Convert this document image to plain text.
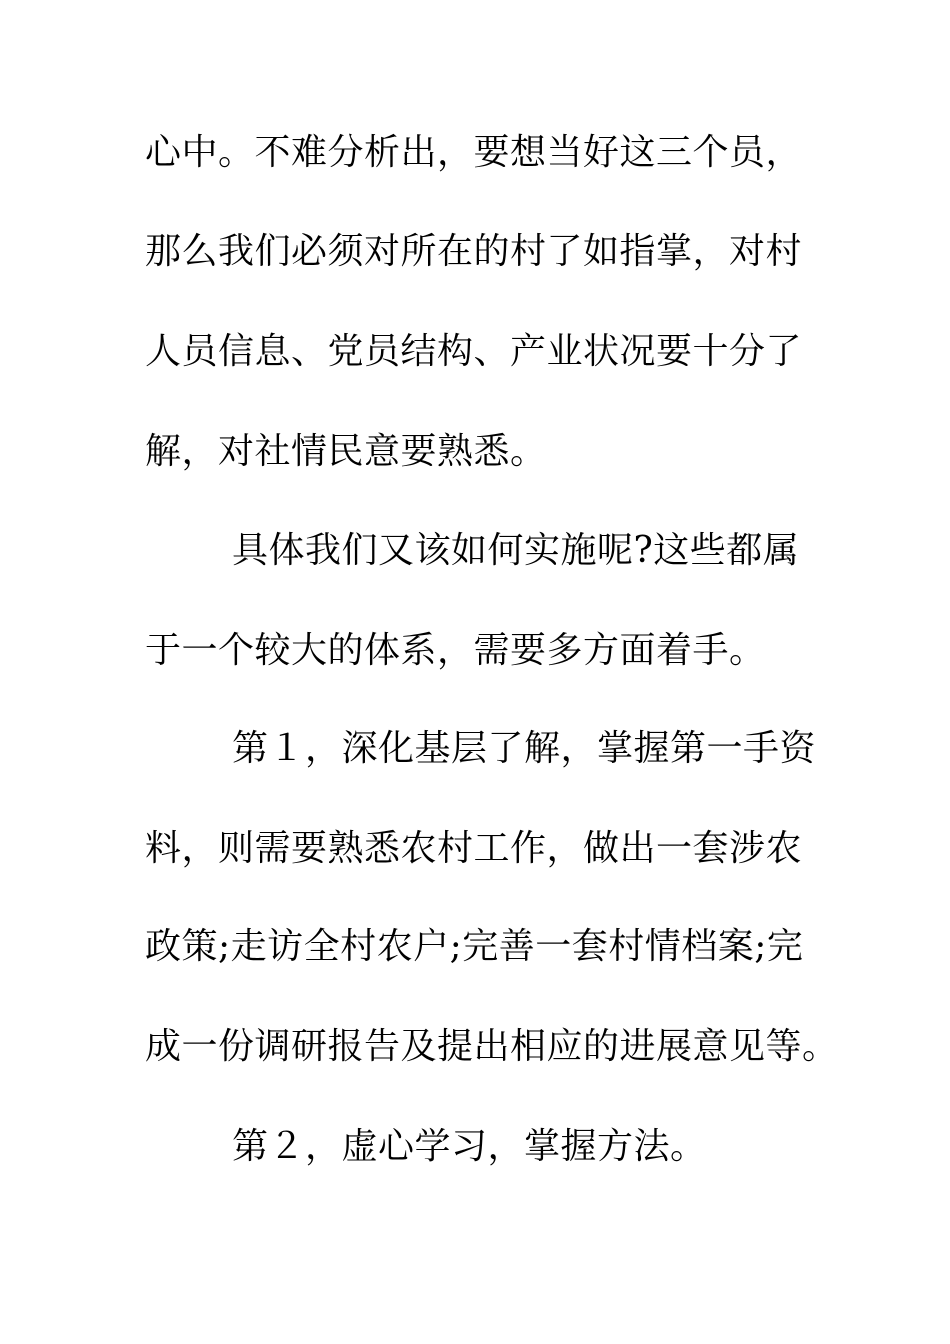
心中。不难分析出，要想当好这三个员，
那么我们必须对所在的村了如指掌，对村
人员信息、党员结构、产业状况要十分了
解，对社情民意要熟悉。
具体我们又该如何实施呢?这些都属
于一个较大的体系，需要多方面着手。
第１，深化基层了解，掌握第一手资
料，则需要熟悉农村工作，做出一套涉农
政策;走访全村农户;完善一套村情档案;完
成一份调研报告及提出相应的进展意见等。
第２，虚心学习，掌握方法。
